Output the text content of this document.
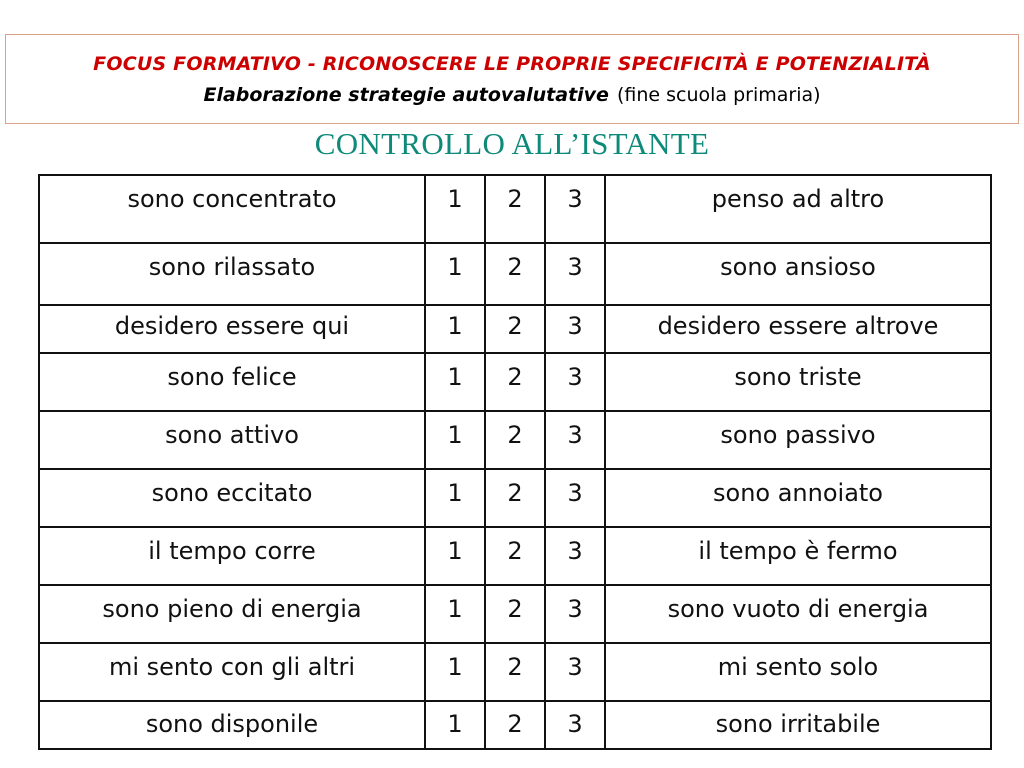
FOCUS FORMATIVO - RICONOSCERE LE PROPRIE SPECIFICITÀ E POTENZIALITÀ
Elaborazione strategie autovalutative (fine scuola primaria)
CONTROLLO ALL’ISTANTE
sono concentrato	1	2	3	penso ad altro
sono rilassato	1	2	3	sono ansioso
desidero essere qui	1	2	3	desidero essere altrove
sono felice	1	2	3	sono triste
sono attivo	1	2	3	sono passivo
sono eccitato	1	2	3	sono annoiato
il tempo corre	1	2	3	il tempo è fermo
sono pieno di energia	1	2	3	sono vuoto di energia
mi sento con gli altri	1	2	3	mi sento solo
sono disponile	1	2	3	sono irritabile
